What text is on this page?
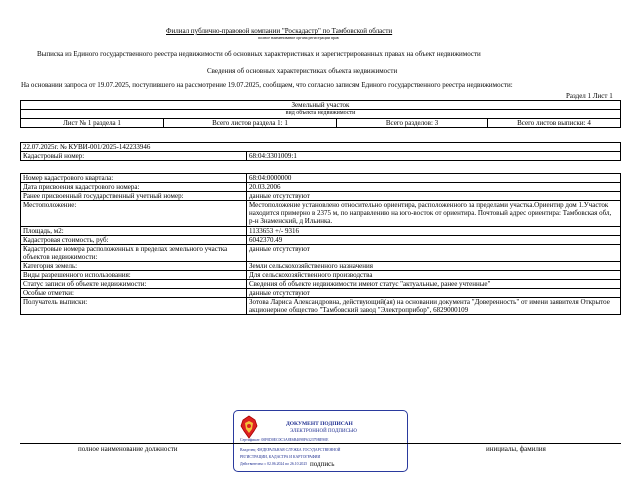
Филиал публично-правовой компании "Роскадастр" по Тамбовской области
полное наименование органа регистрации прав
Выписка из Единого государственного реестра недвижимости об основных характеристиках и зарегистрированных правах на объект недвижимости
Сведения об основных характеристиках объекта недвижимости
На основании запроса от 19.07.2025, поступившего на рассмотрение 19.07.2025, сообщаем, что согласно записям Единого государственного реестра недвижимости:
Раздел 1 Лист 1
Земельный участок
вид объекта недвижимости
Лист № 1 раздела 1	Всего листов раздела 1: 1	Всего разделов: 3	Всего листов выписки: 4
22.07.2025г. № КУВИ-001/2025-142233946
Кадастровый номер:	68:04:3301009:1
Номер кадастрового квартала:	68:04:0000000
Дата присвоения кадастрового номера:	20.03.2006
Ранее присвоенный государственный учетный номер:	данные отсутствуют
Местоположение:	Местоположение установлено относительно ориентира, расположенного за пределами участка.Ориентир дом 1.Участок находится примерно в 2375 м, по направлению на юго-восток от ориентира. Почтовый адрес ориентира: Тамбовская обл, р-н Знаменский, д Ильинка.
Площадь, м2:	1133653 +/- 9316
Кадастровая стоимость, руб:	6042370.49
Кадастровые номера расположенных в пределах земельного участка объектов недвижимости:	данные отсутствуют
Категория земель:	Земли сельскохозяйственного назначения
Виды разрешенного использования:	Для сельскохозяйственного производства
Статус записи об объекте недвижимости:	Сведения об объекте недвижимости имеют статус "актуальные, ранее учтенные"
Особые отметки:	данные отсутствуют
Получатель выписки:	Зотова Лариса Александровна, действующий(ая) на основании документа "Доверенность" от имени заявителя Открытое акционерное общество "Тамбовский завод "Электроприбор", 6829000109
ДОКУМЕНТ ПОДПИСАН
ЭЛЕКТРОННОЙ ПОДПИСЬЮ
Сертификат: 00F0D0EC0C3A8E6B4098F632379BE90E
Владелец: ФЕДЕРАЛЬНАЯ СЛУЖБА ГОСУДАРСТВЕННОЙ
РЕГИСТРАЦИИ, КАДАСТРА И КАРТОГРАФИИ
Действителен: с 02.06.2024 по 26.10.2025
полное наименование должности
подпись
инициалы, фамилия
